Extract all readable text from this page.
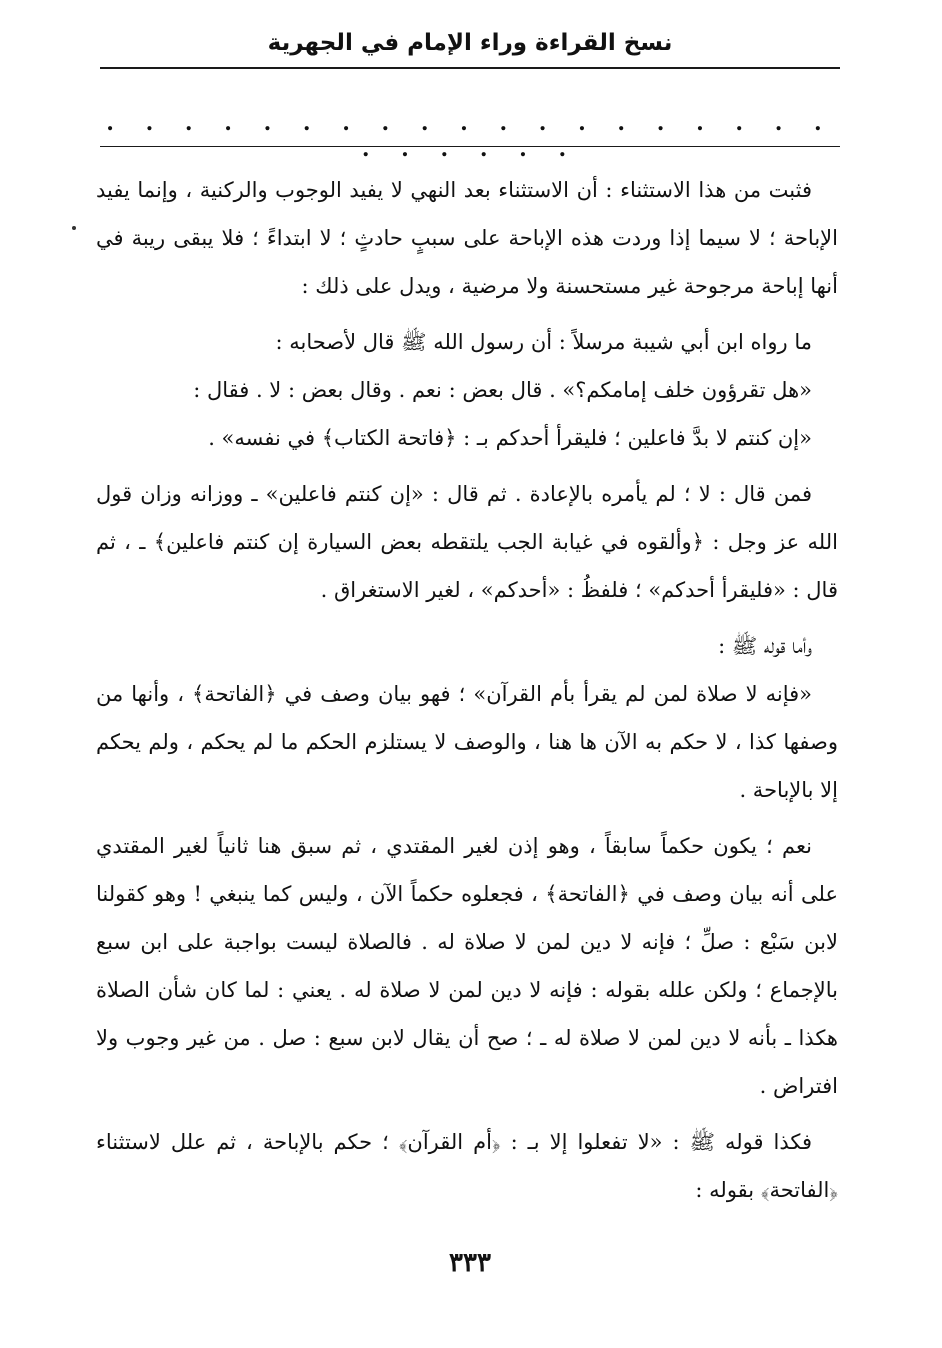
نسخ القراءة وراء الإمام في الجهرية
. . . . . . . . . . . . . . . . . . . . . . . . .

فثبت من هذا الاستثناء : أن الاستثناء بعد النهي لا يفيد الوجوب والركنية ، وإنما يفيد الإباحة ؛ لا سيما إذا وردت هذه الإباحة على سببٍ حادثٍ ؛ لا ابتداءً ؛ فلا يبقى ريبة في أنها إباحة مرجوحة غير مستحسنة ولا مرضية ، ويدل على ذلك :

ما رواه ابن أبي شيبة مرسلاً : أن رسول الله ﷺ قال لأصحابه :

«هل تقرؤون خلف إمامكم؟» . قال بعض : نعم . وقال بعض : لا . فقال :

«إن كنتم لا بدَّ فاعلين ؛ فليقرأ أحدكم بـ : ﴿فاتحة الكتاب﴾ في نفسه» .

فمن قال : لا ؛ لم يأمره بالإعادة . ثم قال : «إن كنتم فاعلين» ـ ووزانه وزان قول الله عز وجل : ﴿وألقوه في غيابة الجب يلتقطه بعض السيارة إن كنتم فاعلين﴾ ـ ، ثم قال : «فليقرأ أحدكم» ؛ فلفظُ : «أحدكم» ، لغير الاستغراق .

وأما قوله ﷺ :

«فإنه لا صلاة لمن لم يقرأ بأم القرآن» ؛ فهو بيان وصف في ﴿الفاتحة﴾ ، وأنها من وصفها كذا ، لا حكم به الآن ها هنا ، والوصف لا يستلزم الحكم ما لم يحكم ، ولم يحكم إلا بالإباحة .

نعم ؛ يكون حكماً سابقاً ، وهو إذن لغير المقتدي ، ثم سبق هنا ثانياً لغير المقتدي على أنه بيان وصف في ﴿الفاتحة﴾ ، فجعلوه حكماً الآن ، وليس كما ينبغي ! وهو كقولنا لابن سَبْع : صلِّ ؛ فإنه لا دين لمن لا صلاة له . فالصلاة ليست بواجبة على ابن سبع بالإجماع ؛ ولكن علله بقوله : فإنه لا دين لمن لا صلاة له . يعني : لما كان شأن الصلاة هكذا ـ بأنه لا دين لمن لا صلاة له ـ ؛ صح أن يقال لابن سبع : صل . من غير وجوب ولا افتراض .

فكذا قوله ﷺ : «لا تفعلوا إلا بـ : ﴿أم القرآن﴾ ؛ حكم بالإباحة ، ثم علل لاستثناء ﴿الفاتحة﴾ بقوله :

٣٣٣
